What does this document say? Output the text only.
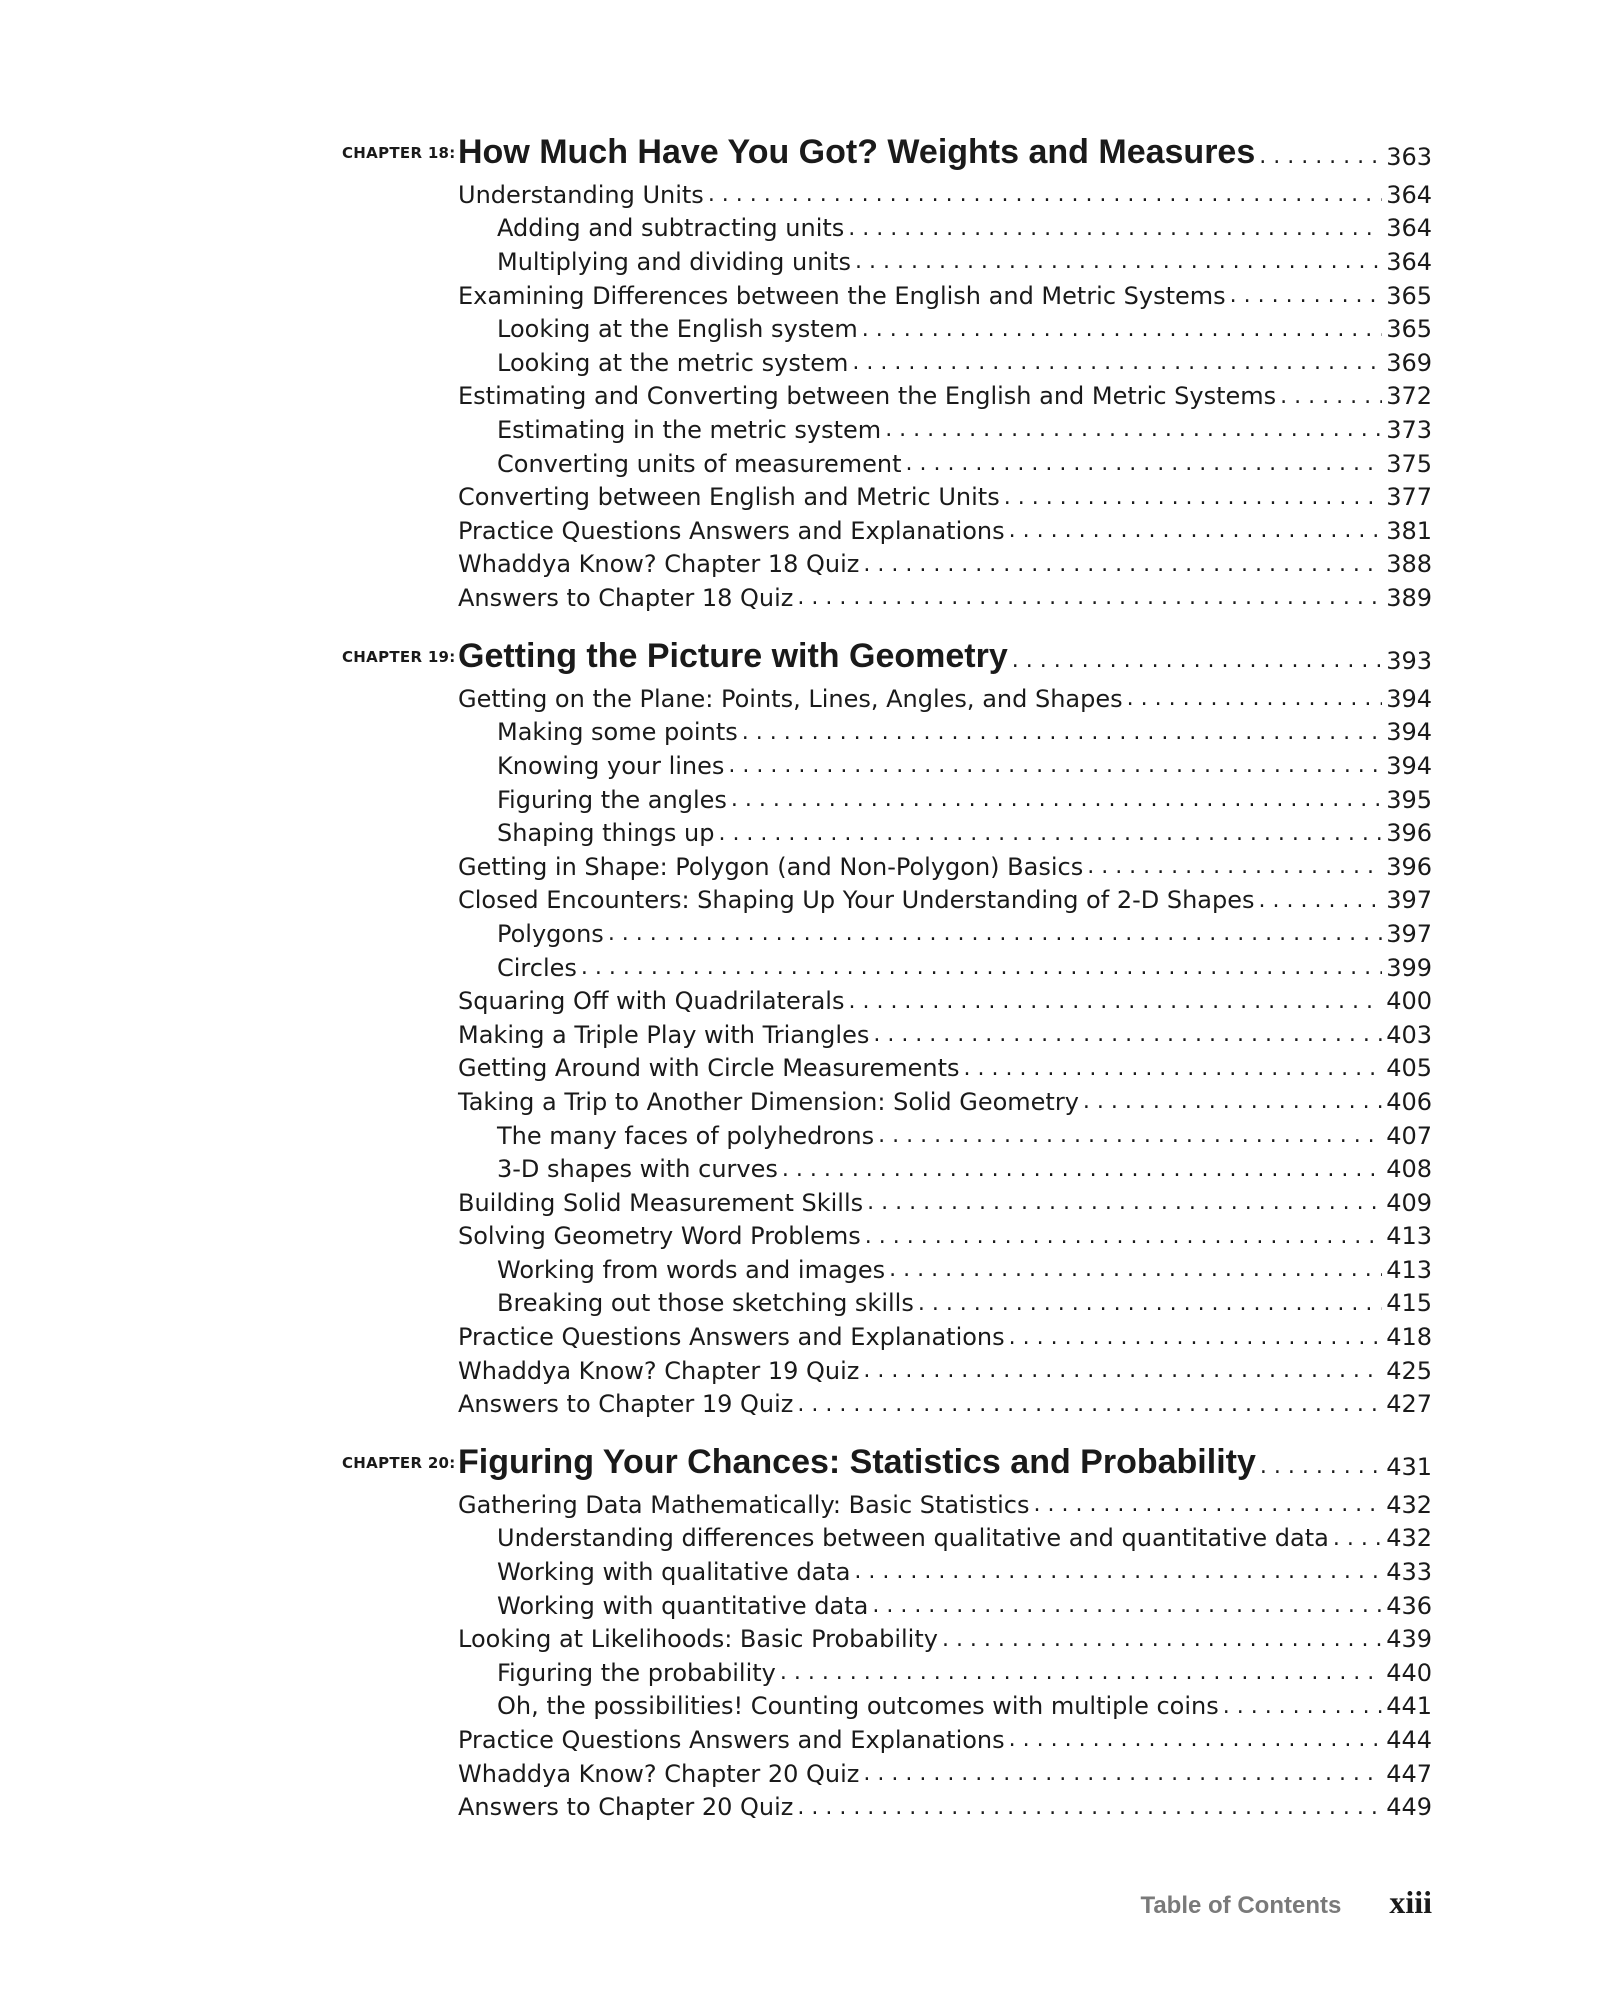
CHAPTER 18: How Much Have You Got? Weights and Measures . . .	363
Understanding Units . . .	364
Adding and subtracting units . . .	364
Multiplying and dividing units . . .	364
Examining Differences between the English and Metric Systems . . .	365
Looking at the English system . . .	365
Looking at the metric system . . .	369
Estimating and Converting between the English and Metric Systems . . .	372
Estimating in the metric system . . .	373
Converting units of measurement . . .	375
Converting between English and Metric Units . . .	377
Practice Questions Answers and Explanations . . .	381
Whaddya Know? Chapter 18 Quiz . . .	388
Answers to Chapter 18 Quiz . . .	389
CHAPTER 19: Getting the Picture with Geometry . . .	393
Getting on the Plane: Points, Lines, Angles, and Shapes . . .	394
Making some points . . .	394
Knowing your lines . . .	394
Figuring the angles . . .	395
Shaping things up . . .	396
Getting in Shape: Polygon (and Non-Polygon) Basics . . .	396
Closed Encounters: Shaping Up Your Understanding of 2-D Shapes . . .	397
Polygons . . .	397
Circles . . .	399
Squaring Off with Quadrilaterals . . .	400
Making a Triple Play with Triangles . . .	403
Getting Around with Circle Measurements . . .	405
Taking a Trip to Another Dimension: Solid Geometry . . .	406
The many faces of polyhedrons . . .	407
3-D shapes with curves . . .	408
Building Solid Measurement Skills . . .	409
Solving Geometry Word Problems . . .	413
Working from words and images . . .	413
Breaking out those sketching skills . . .	415
Practice Questions Answers and Explanations . . .	418
Whaddya Know? Chapter 19 Quiz . . .	425
Answers to Chapter 19 Quiz . . .	427
CHAPTER 20: Figuring Your Chances: Statistics and Probability . . .	431
Gathering Data Mathematically: Basic Statistics . . .	432
Understanding differences between qualitative and quantitative data . . . 432
Working with qualitative data . . .	433
Working with quantitative data . . .	436
Looking at Likelihoods: Basic Probability . . .	439
Figuring the probability . . .	440
Oh, the possibilities! Counting outcomes with multiple coins . . .	441
Practice Questions Answers and Explanations . . .	444
Whaddya Know? Chapter 20 Quiz . . .	447
Answers to Chapter 20 Quiz . . .	449
Table of Contents xiii
